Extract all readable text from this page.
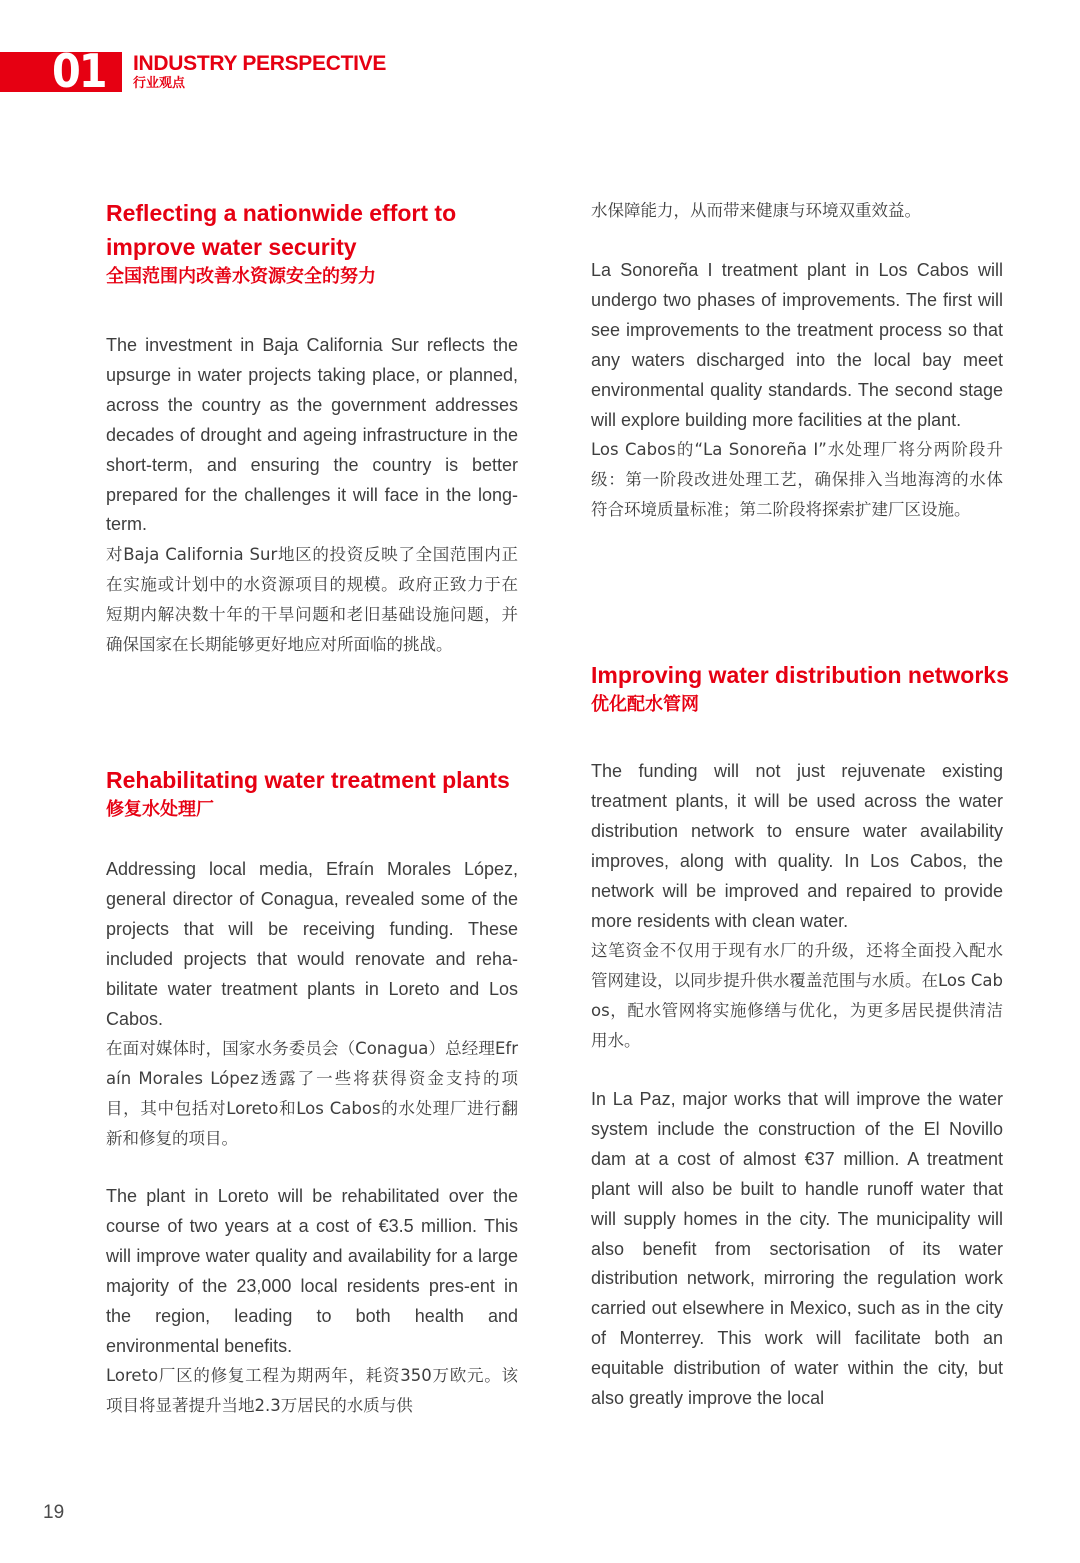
01	INDUSTRY PERSPECTIVE
行业观点
Reflecting a nationwide effort to improve water security
全国范围内改善水资源安全的努力

The investment in Baja California Sur reflects the upsurge in water projects taking place, or planned, across the country as the government addresses decades of drought and ageing infrastructure in the short-term, and ensuring the country is better prepared for the challenges it will face in the long-term.

对Baja California Sur地区的投资反映了全国范围内正在实施或计划中的水资源项目的规模。政府正致力于在短期内解决数十年的干旱问题和老旧基础设施问题，并确保国家在长期能够更好地应对所面临的挑战。

Rehabilitating water treatment plants
修复水处理厂

Addressing local media, Efraín Morales López, general director of Conagua, revealed some of the projects that will be receiving funding. These included projects that would renovate and reha-bilitate water treatment plants in Loreto and Los Cabos.

在面对媒体时，国家水务委员会（Conagua）总经理Efraín Morales López透露了一些将获得资金支持的项目，其中包括对Loreto和Los Cabos的水处理厂进行翻新和修复的项目。

The plant in Loreto will be rehabilitated over the course of two years at a cost of €3.5 million. This will improve water quality and availability for a large majority of the 23,000 local residents pres-ent in the region, leading to both health and environmental benefits.

Loreto厂区的修复工程为期两年，耗资350万欧元。该项目将显著提升当地2.3万居民的水质与供

水保障能力，从而带来健康与环境双重效益。

La Sonoreña I treatment plant in Los Cabos will undergo two phases of improvements. The first will see improvements to the treatment process so that any waters discharged into the local bay meet environmental quality standards. The second stage will explore building more facilities at the plant.

Los Cabos的“La Sonoreña I”水处理厂将分两阶段升级：第一阶段改进处理工艺，确保排入当地海湾的水体符合环境质量标准；第二阶段将探索扩建厂区设施。

Improving water distribution networks
优化配水管网

The funding will not just rejuvenate existing treatment plants, it will be used across the water distribution network to ensure water availability improves, along with quality. In Los Cabos, the network will be improved and repaired to provide more residents with clean water.

这笔资金不仅用于现有水厂的升级，还将全面投入配水管网建设，以同步提升供水覆盖范围与水质。在Los Cabos，配水管网将实施修缮与优化，为更多居民提供清洁用水。

In La Paz, major works that will improve the water system include the construction of the El Novillo dam at a cost of almost €37 million. A treatment plant will also be built to handle runoff water that will supply homes in the city. The municipality will also benefit from sectorisation of its water distribution network, mirroring the regulation work carried out elsewhere in Mexico, such as in the city of Monterrey. This work will facilitate both an equitable distribution of water within the city, but also greatly improve the local

19
